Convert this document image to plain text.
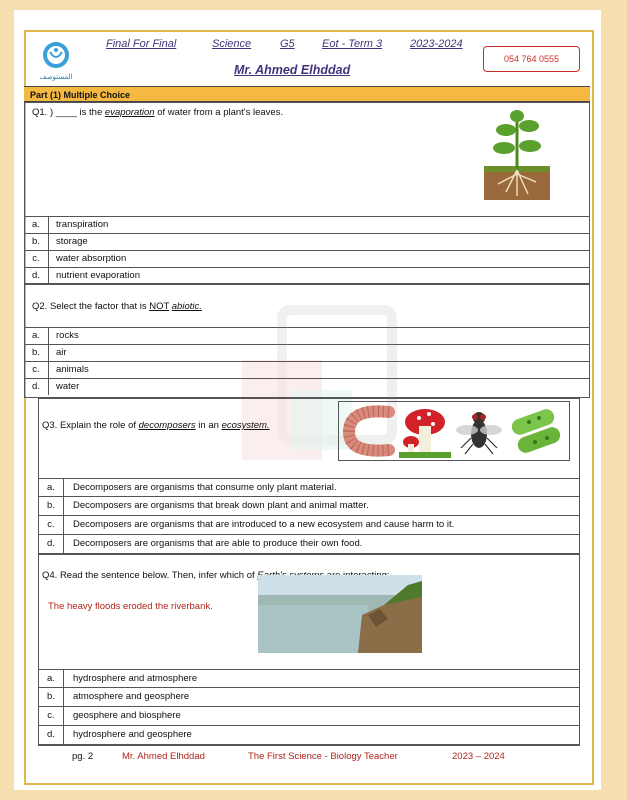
المستوصف
Final For Final	Science	G5 Eot - Term 3	2023-2024
Mr. Ahmed Elhddad
054 764 0555
Part (1) Multiple Choice
Q1. ) ____ is the evaporation of water from a plant's leaves.
a.	transpiration
b.	storage
c.	water absorption
d.	nutrient evaporation
Q2. Select the factor that is NOT abiotic.
a.	rocks
b.	air
c.	animals
d.	water
Q3. Explain the role of decomposers in an ecosystem.
a.	Decomposers are organisms that consume only plant material.
b.	Decomposers are organisms that break down plant and animal matter.
c.	Decomposers are organisms that are introduced to a new ecosystem and cause harm to it.
d.	Decomposers are organisms that are able to produce their own food.
Q4. Read the sentence below. Then, infer which of
The heavy floods eroded the riverbank.
a.	hydrosphere and atmosphere
b.	atmosphere and geosphere
c.	geosphere and biosphere
d.	hydrosphere and geosphere
pg. 2	Mr. Ahmed Elhddad	The First Science - Biology Teacher	2023 – 2024
